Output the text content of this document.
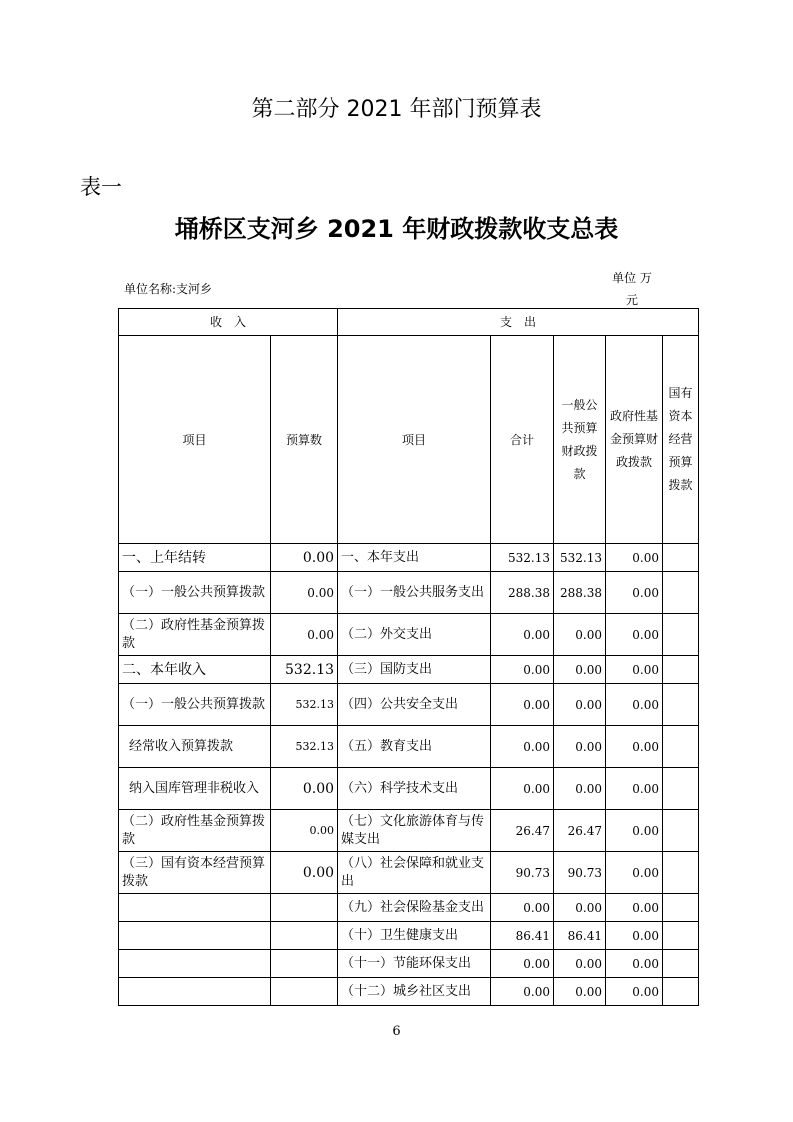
第二部分 2021 年部门预算表
表一
埇桥区支河乡 2021 年财政拨款收支总表
单位名称:支河乡
单位 万元
收　入		支　出				
项目	预算数	项目	合计	一般公共预算财政拨款	政府性基金预算财政拨款	国有资本经营预算拨款
一、上年结转	0.00	一、本年支出	532.13	532.13	0.00	
（一）一般公共预算拨款	0.00	（一）一般公共服务支出	288.38	288.38	0.00	
（二）政府性基金预算拨款	0.00	（二）外交支出	0.00	0.00	0.00	
二、本年收入	532.13	（三）国防支出	0.00	0.00	0.00	
（一）一般公共预算拨款	532.13	（四）公共安全支出	0.00	0.00	0.00	
经常收入预算拨款	532.13	（五）教育支出	0.00	0.00	0.00	
纳入国库管理非税收入	0.00	（六）科学技术支出	0.00	0.00	0.00	
（二）政府性基金预算拨款	0.00	（七）文化旅游体育与传媒支出	26.47	26.47	0.00	
（三）国有资本经营预算拨款	0.00	（八）社会保障和就业支出	90.73	90.73	0.00	
		（九）社会保险基金支出	0.00	0.00	0.00	
		（十）卫生健康支出	86.41	86.41	0.00	
		（十一）节能环保支出	0.00	0.00	0.00	
		（十二）城乡社区支出	0.00	0.00	0.00	
6
